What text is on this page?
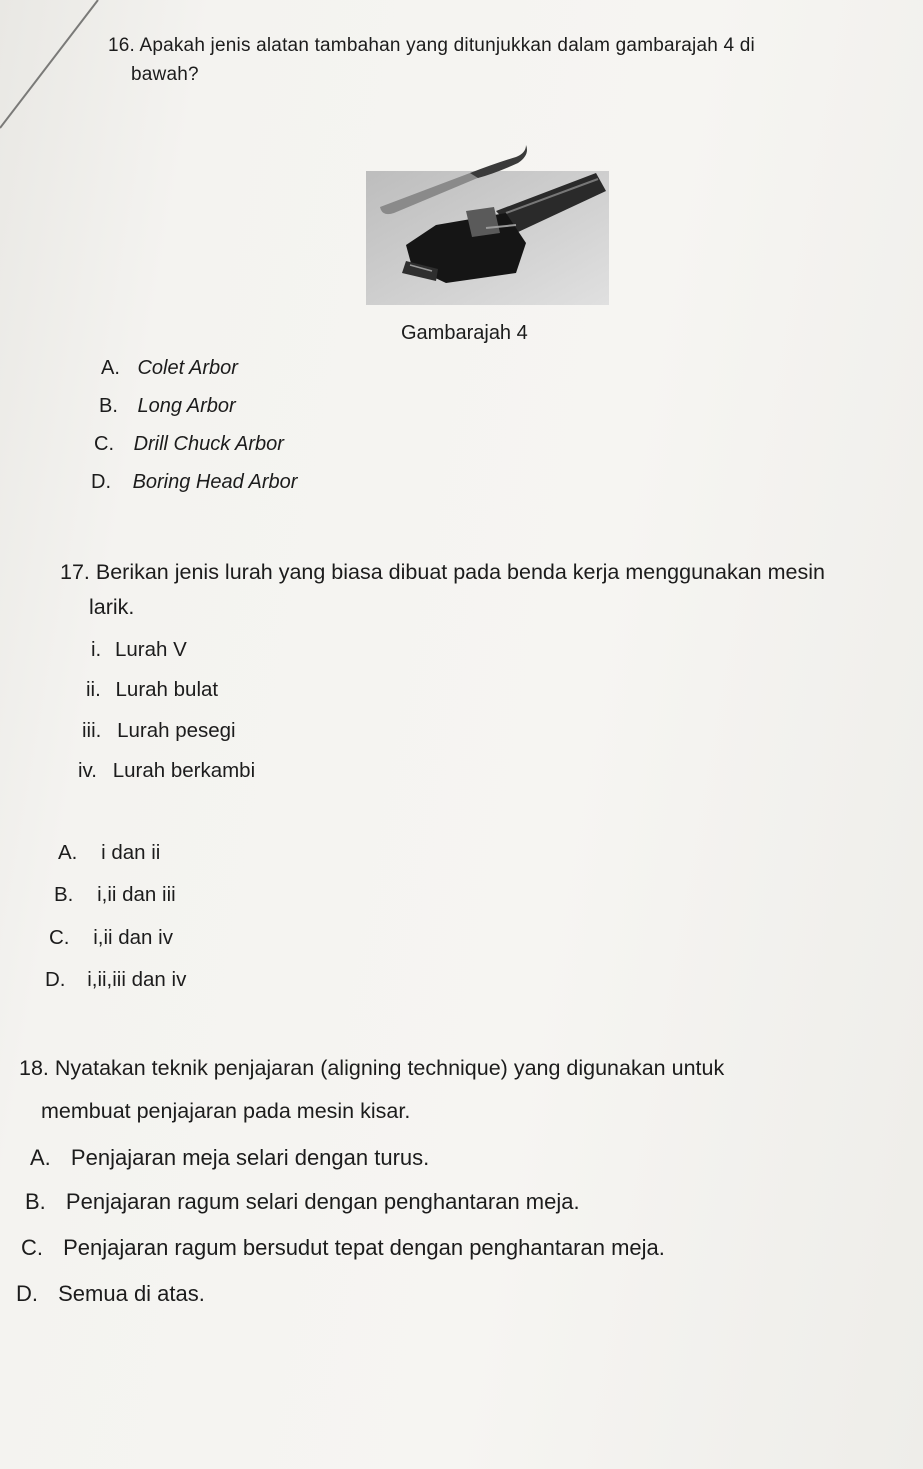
16. Apakah jenis alatan tambahan yang ditunjukkan dalam gambarajah 4 di
bawah?
Gambarajah 4
A. Colet Arbor
B. Long Arbor
C. Drill Chuck Arbor
D. Boring Head Arbor
17. Berikan jenis lurah yang biasa dibuat pada benda kerja menggunakan mesin
larik.
i. Lurah V
ii. Lurah bulat
iii. Lurah pesegi
iv. Lurah berkambi
A. i dan ii
B. i,ii dan iii
C. i,ii dan iv
D. i,ii,iii dan iv
18. Nyatakan teknik penjajaran (aligning technique) yang digunakan untuk
membuat penjajaran pada mesin kisar.
A. Penjajaran meja selari dengan turus.
B. Penjajaran ragum selari dengan penghantaran meja.
C. Penjajaran ragum bersudut tepat dengan penghantaran meja.
D. Semua di atas.
